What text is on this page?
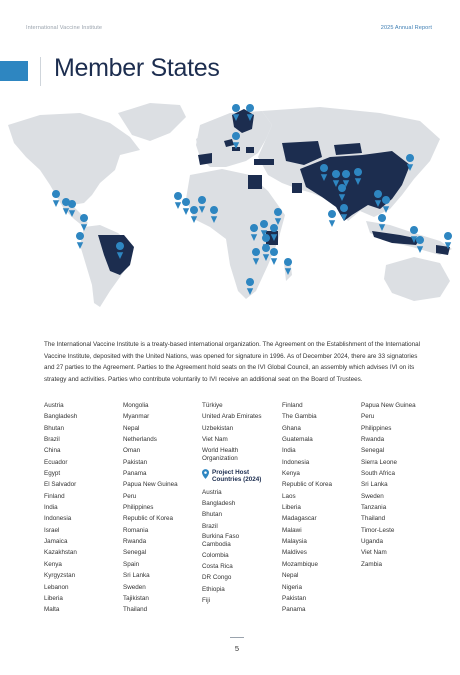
International Vaccine Institute	2025 Annual Report
Member States

The International Vaccine Institute is a treaty-based international organization. The Agreement on the Establishment of the International Vaccine Institute, deposited with the United Nations, was opened for signature in 1996. As of December 2024, there are 33 signatories and 27 parties to the Agreement. Parties to the Agreement hold seats on the IVI Global Council, an assembly which advises IVI on its strategy and activities. Parties who contribute voluntarily to IVI receive an additional seat on the Board of Trustees.

Austria
Bangladesh
Bhutan
Brazil
China
Ecuador
Egypt
El Salvador
Finland
India
Indonesia
Israel
Jamaica
Kazakhstan
Kenya
Kyrgyzstan
Lebanon
Liberia
Malta
Mongolia
Myanmar
Nepal
Netherlands
Oman
Pakistan
Panama
Papua New Guinea
Peru
Philippines
Republic of Korea
Romania
Rwanda
Senegal
Spain
Sri Lanka
Sweden
Tajikistan
Thailand
Türkiye
United Arab Emirates
Uzbekistan
Viet Nam
World Health Organization
Project Host Countries (2024)
Austria
Bangladesh
Bhutan
Brazil
Burkina Faso
Cambodia
Colombia
Costa Rica
DR Congo
Ethiopia
Fiji
Finland
The Gambia
Ghana
Guatemala
India
Indonesia
Kenya
Republic of Korea
Laos
Liberia
Madagascar
Malawi
Malaysia
Maldives
Mozambique
Nepal
Nigeria
Pakistan
Panama
Papua New Guinea
Peru
Philippines
Rwanda
Senegal
Sierra Leone
South Africa
Sri Lanka
Sweden
Tanzania
Thailand
Timor-Leste
Uganda
Viet Nam
Zambia
5
